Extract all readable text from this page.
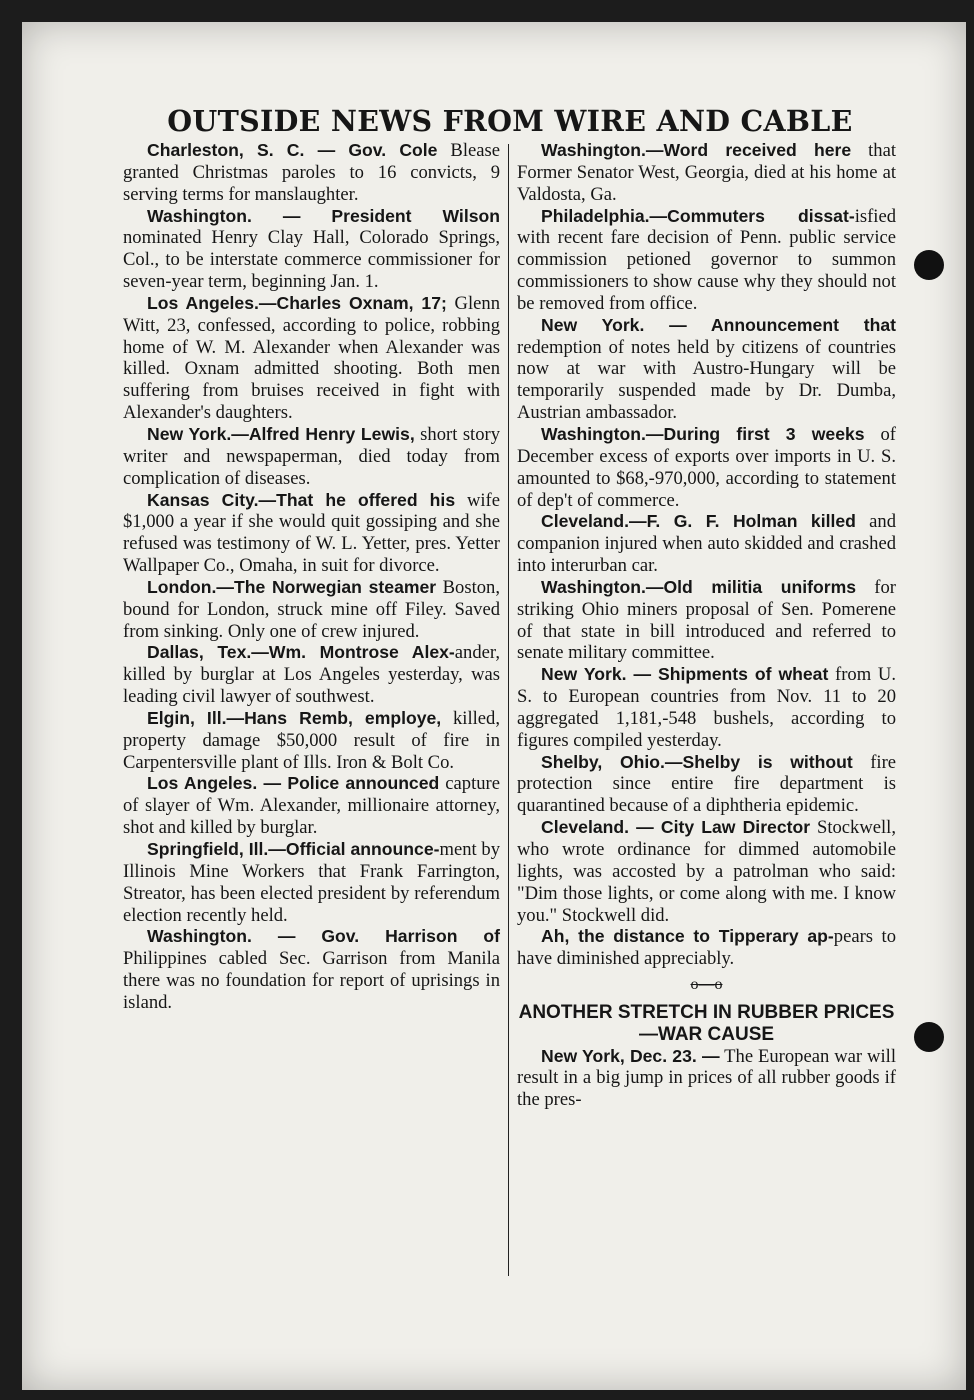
OUTSIDE NEWS FROM WIRE AND CABLE

Charleston, S. C. — Gov. Cole Blease granted Christmas paroles to 16 convicts, 9 serving terms for manslaughter.

Washington. — President Wilson nominated Henry Clay Hall, Colorado Springs, Col., to be interstate commerce commissioner for seven-year term, beginning Jan. 1.

Los Angeles.—Charles Oxnam, 17; Glenn Witt, 23, confessed, according to police, robbing home of W. M. Alexander when Alexander was killed. Oxnam admitted shooting. Both men suffering from bruises received in fight with Alexander's daughters.

New York.—Alfred Henry Lewis, short story writer and newspaperman, died today from complication of diseases.

Kansas City.—That he offered his wife $1,000 a year if she would quit gossiping and she refused was testimony of W. L. Yetter, pres. Yetter Wallpaper Co., Omaha, in suit for divorce.

London.—The Norwegian steamer Boston, bound for London, struck mine off Filey. Saved from sinking. Only one of crew injured.

Dallas, Tex.—Wm. Montrose Alex-ander, killed by burglar at Los Angeles yesterday, was leading civil lawyer of southwest.

Elgin, Ill.—Hans Remb, employe, killed, property damage $50,000 result of fire in Carpentersville plant of Ills. Iron & Bolt Co.

Los Angeles. — Police announced capture of slayer of Wm. Alexander, millionaire attorney, shot and killed by burglar.

Springfield, Ill.—Official announce-ment by Illinois Mine Workers that Frank Farrington, Streator, has been elected president by referendum election recently held.

Washington. — Gov. Harrison of Philippines cabled Sec. Garrison from Manila there was no foundation for report of uprisings in island.

Washington.—Word received here that Former Senator West, Georgia, died at his home at Valdosta, Ga.

Philadelphia.—Commuters dissat-isfied with recent fare decision of Penn. public service commission petioned governor to summon commissioners to show cause why they should not be removed from office.

New York. — Announcement that redemption of notes held by citizens of countries now at war with Austro-Hungary will be temporarily suspended made by Dr. Dumba, Austrian ambassador.

Washington.—During first 3 weeks of December excess of exports over imports in U. S. amounted to $68,-970,000, according to statement of dep't of commerce.

Cleveland.—F. G. F. Holman killed and companion injured when auto skidded and crashed into interurban car.

Washington.—Old militia uniforms for striking Ohio miners proposal of Sen. Pomerene of that state in bill introduced and referred to senate military committee.

New York. — Shipments of wheat from U. S. to European countries from Nov. 11 to 20 aggregated 1,181,-548 bushels, according to figures compiled yesterday.

Shelby, Ohio.—Shelby is without fire protection since entire fire department is quarantined because of a diphtheria epidemic.

Cleveland. — City Law Director Stockwell, who wrote ordinance for dimmed automobile lights, was accosted by a patrolman who said: "Dim those lights, or come along with me. I know you." Stockwell did.

Ah, the distance to Tipperary ap-pears to have diminished appreciably.

o—o

ANOTHER STRETCH IN RUBBER PRICES—WAR CAUSE

New York, Dec. 23. — The European war will result in a big jump in prices of all rubber goods if the pres-
